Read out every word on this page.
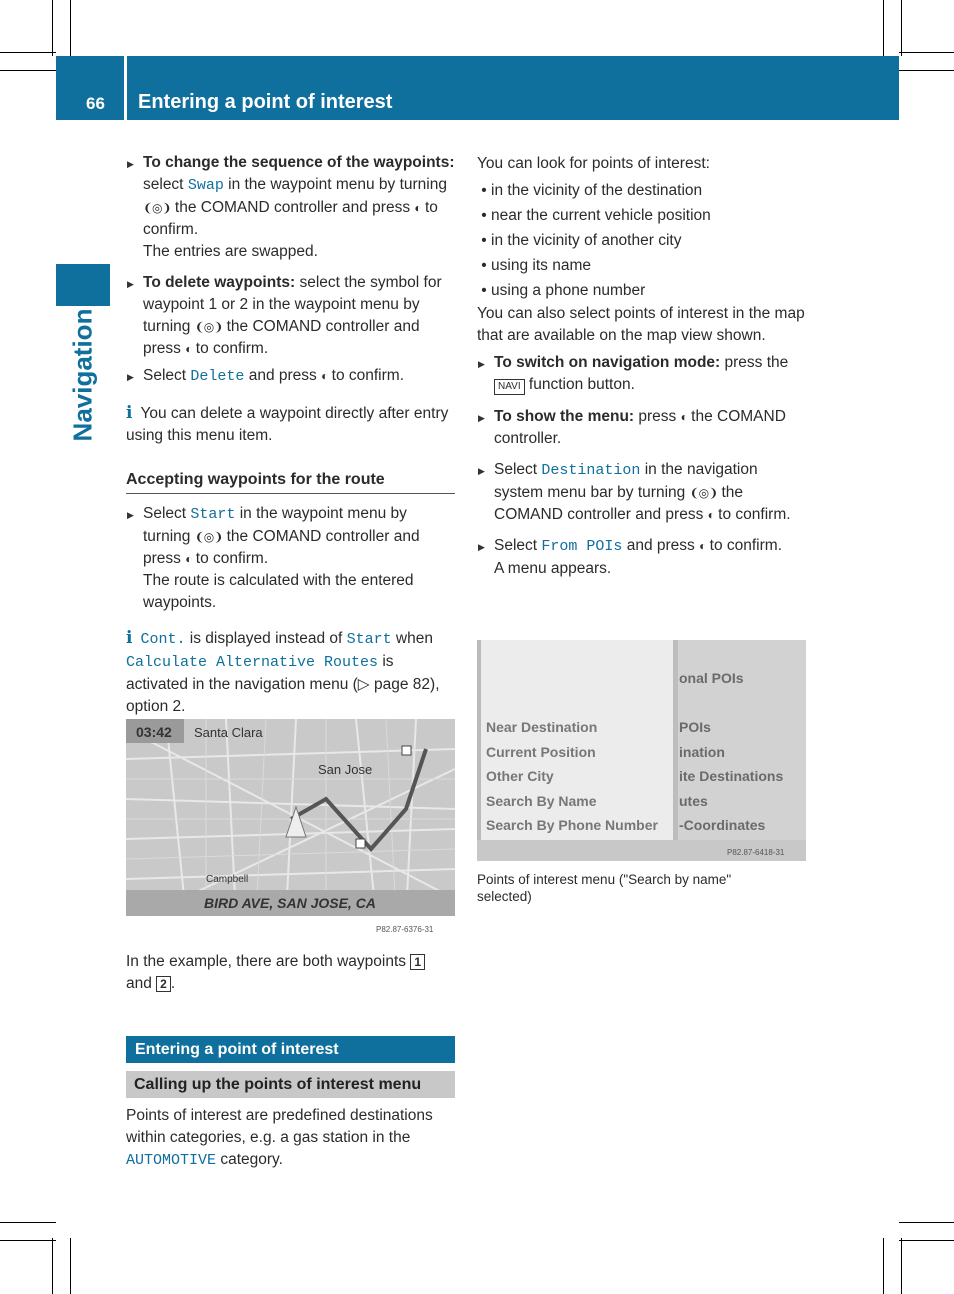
66 Entering a point of interest
Navigation

▶ To change the sequence of the waypoints: select Swap in the waypoint menu by turning ❨◎❩ the COMAND controller and press ◐ to confirm.
The entries are swapped.

▶ To delete waypoints: select the symbol for waypoint 1 or 2 in the waypoint menu by turning ❨◎❩ the COMAND controller and press ◐ to confirm.

▶ Select Delete and press ◐ to confirm.

i You can delete a waypoint directly after entry using this menu item.

Accepting waypoints for the route

▶ Select Start in the waypoint menu by turning ❨◎❩ the COMAND controller and press ◐ to confirm.
The route is calculated with the entered waypoints.

i Cont. is displayed instead of Start when Calculate Alternative Routes is activated in the navigation menu (▷ page 82), option 2.

03:42 Santa Clara
San Jose
Campbell
BIRD AVE, SAN JOSE, CA
P82.87-6376-31

In the example, there are both waypoints 1 and 2 .

Entering a point of interest
Calling up the points of interest menu

Points of interest are predefined destinations within categories, e.g. a gas station in the AUTOMOTIVE category.

You can look for points of interest:

• in the vicinity of the destination
• near the current vehicle position
• in the vicinity of another city
• using its name
• using a phone number

You can also select points of interest in the map that are available on the map view shown.

▶ To switch on navigation mode: press the NAVI function button.

▶ To show the menu: press ◐ the COMAND controller.

▶ Select Destination in the navigation system menu bar by turning ❨◎❩ the COMAND controller and press ◐ to confirm.

▶ Select From POIs and press ◐ to confirm.
A menu appears.

Near Destination
Current Position
Other City
Search By Name
Search By Phone Number
onal POIs
POIs
ination
ite Destinations
utes
-Coordinates
P82.87-6418-31

Points of interest menu ("Search by name" selected)
